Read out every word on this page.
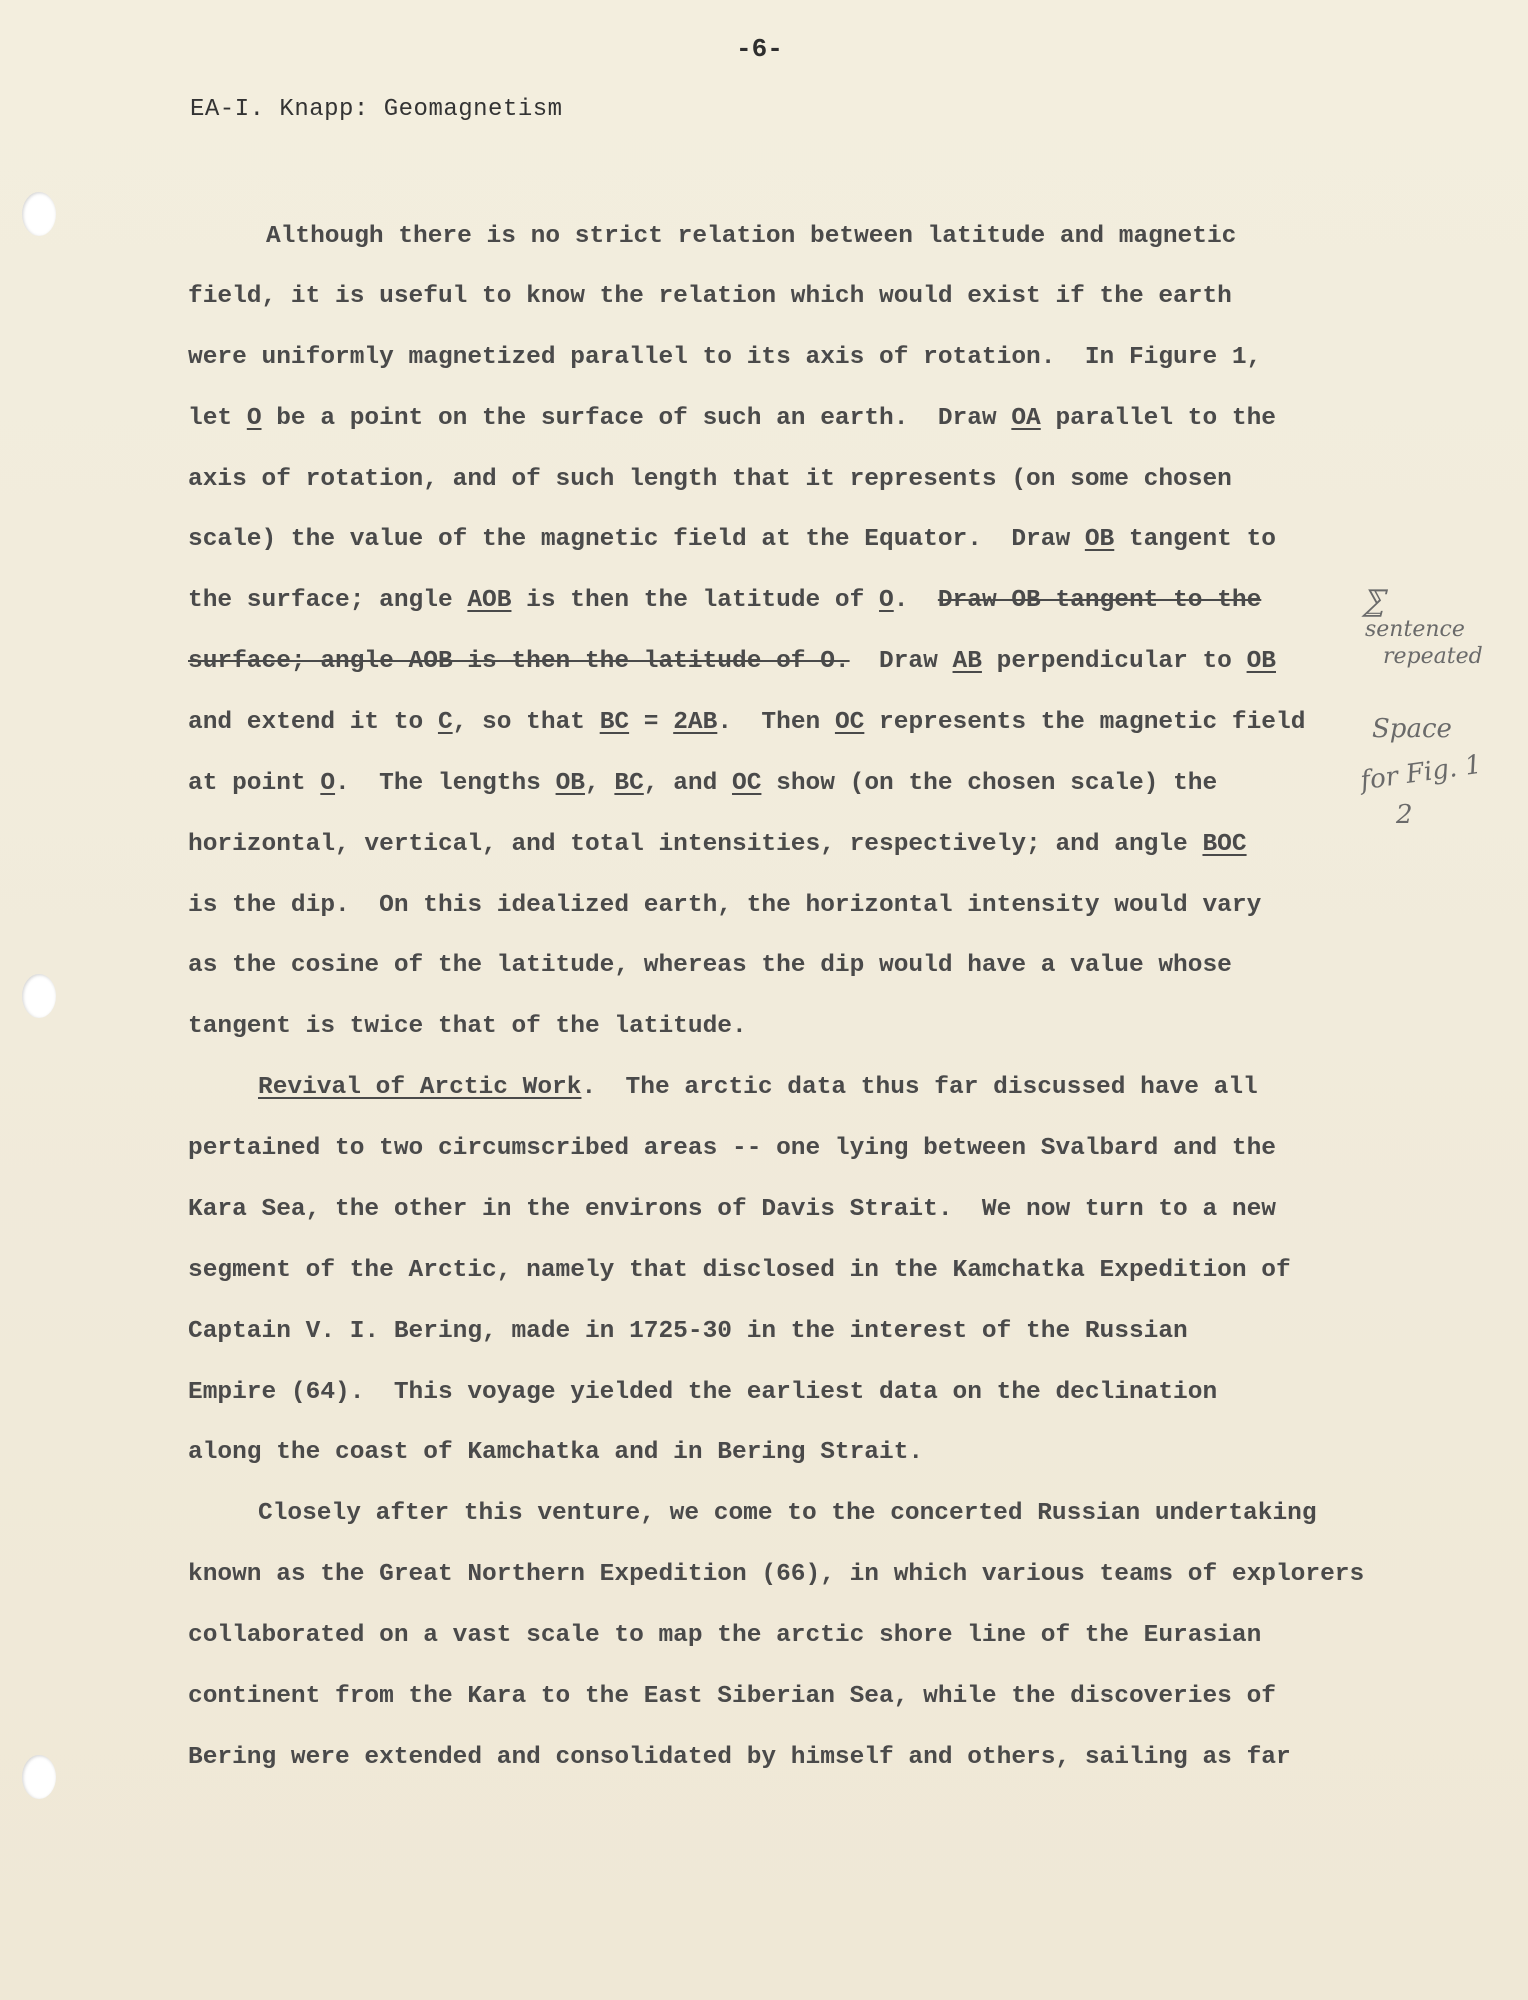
-6-
EA-I. Knapp: Geomagnetism
Although there is no strict relation between latitude and magnetic
field, it is useful to know the relation which would exist if the earth
were uniformly magnetized parallel to its axis of rotation.  In Figure 1,
let O be a point on the surface of such an earth.  Draw OA parallel to the
axis of rotation, and of such length that it represents (on some chosen
scale) the value of the magnetic field at the Equator.  Draw OB tangent to
the surface; angle AOB is then the latitude of O.  Draw OB tangent to the
surface; angle AOB is then the latitude of O.  Draw AB perpendicular to OB
and extend it to C, so that BC = 2AB.  Then OC represents the magnetic field
at point O.  The lengths OB, BC, and OC show (on the chosen scale) the
horizontal, vertical, and total intensities, respectively; and angle BOC
is the dip.  On this idealized earth, the horizontal intensity would vary
as the cosine of the latitude, whereas the dip would have a value whose
tangent is twice that of the latitude.
Revival of Arctic Work.  The arctic data thus far discussed have all
pertained to two circumscribed areas -- one lying between Svalbard and the
Kara Sea, the other in the environs of Davis Strait.  We now turn to a new
segment of the Arctic, namely that disclosed in the Kamchatka Expedition of
Captain V. I. Bering, made in 1725-30 in the interest of the Russian
Empire (64).  This voyage yielded the earliest data on the declination
along the coast of Kamchatka and in Bering Strait.
Closely after this venture, we come to the concerted Russian undertaking
known as the Great Northern Expedition (66), in which various teams of explorers
collaborated on a vast scale to map the arctic shore line of the Eurasian
continent from the Kara to the East Siberian Sea, while the discoveries of
Bering were extended and consolidated by himself and others, sailing as far
⅀
sentence
repeated
Space
for Fig. 1
2
